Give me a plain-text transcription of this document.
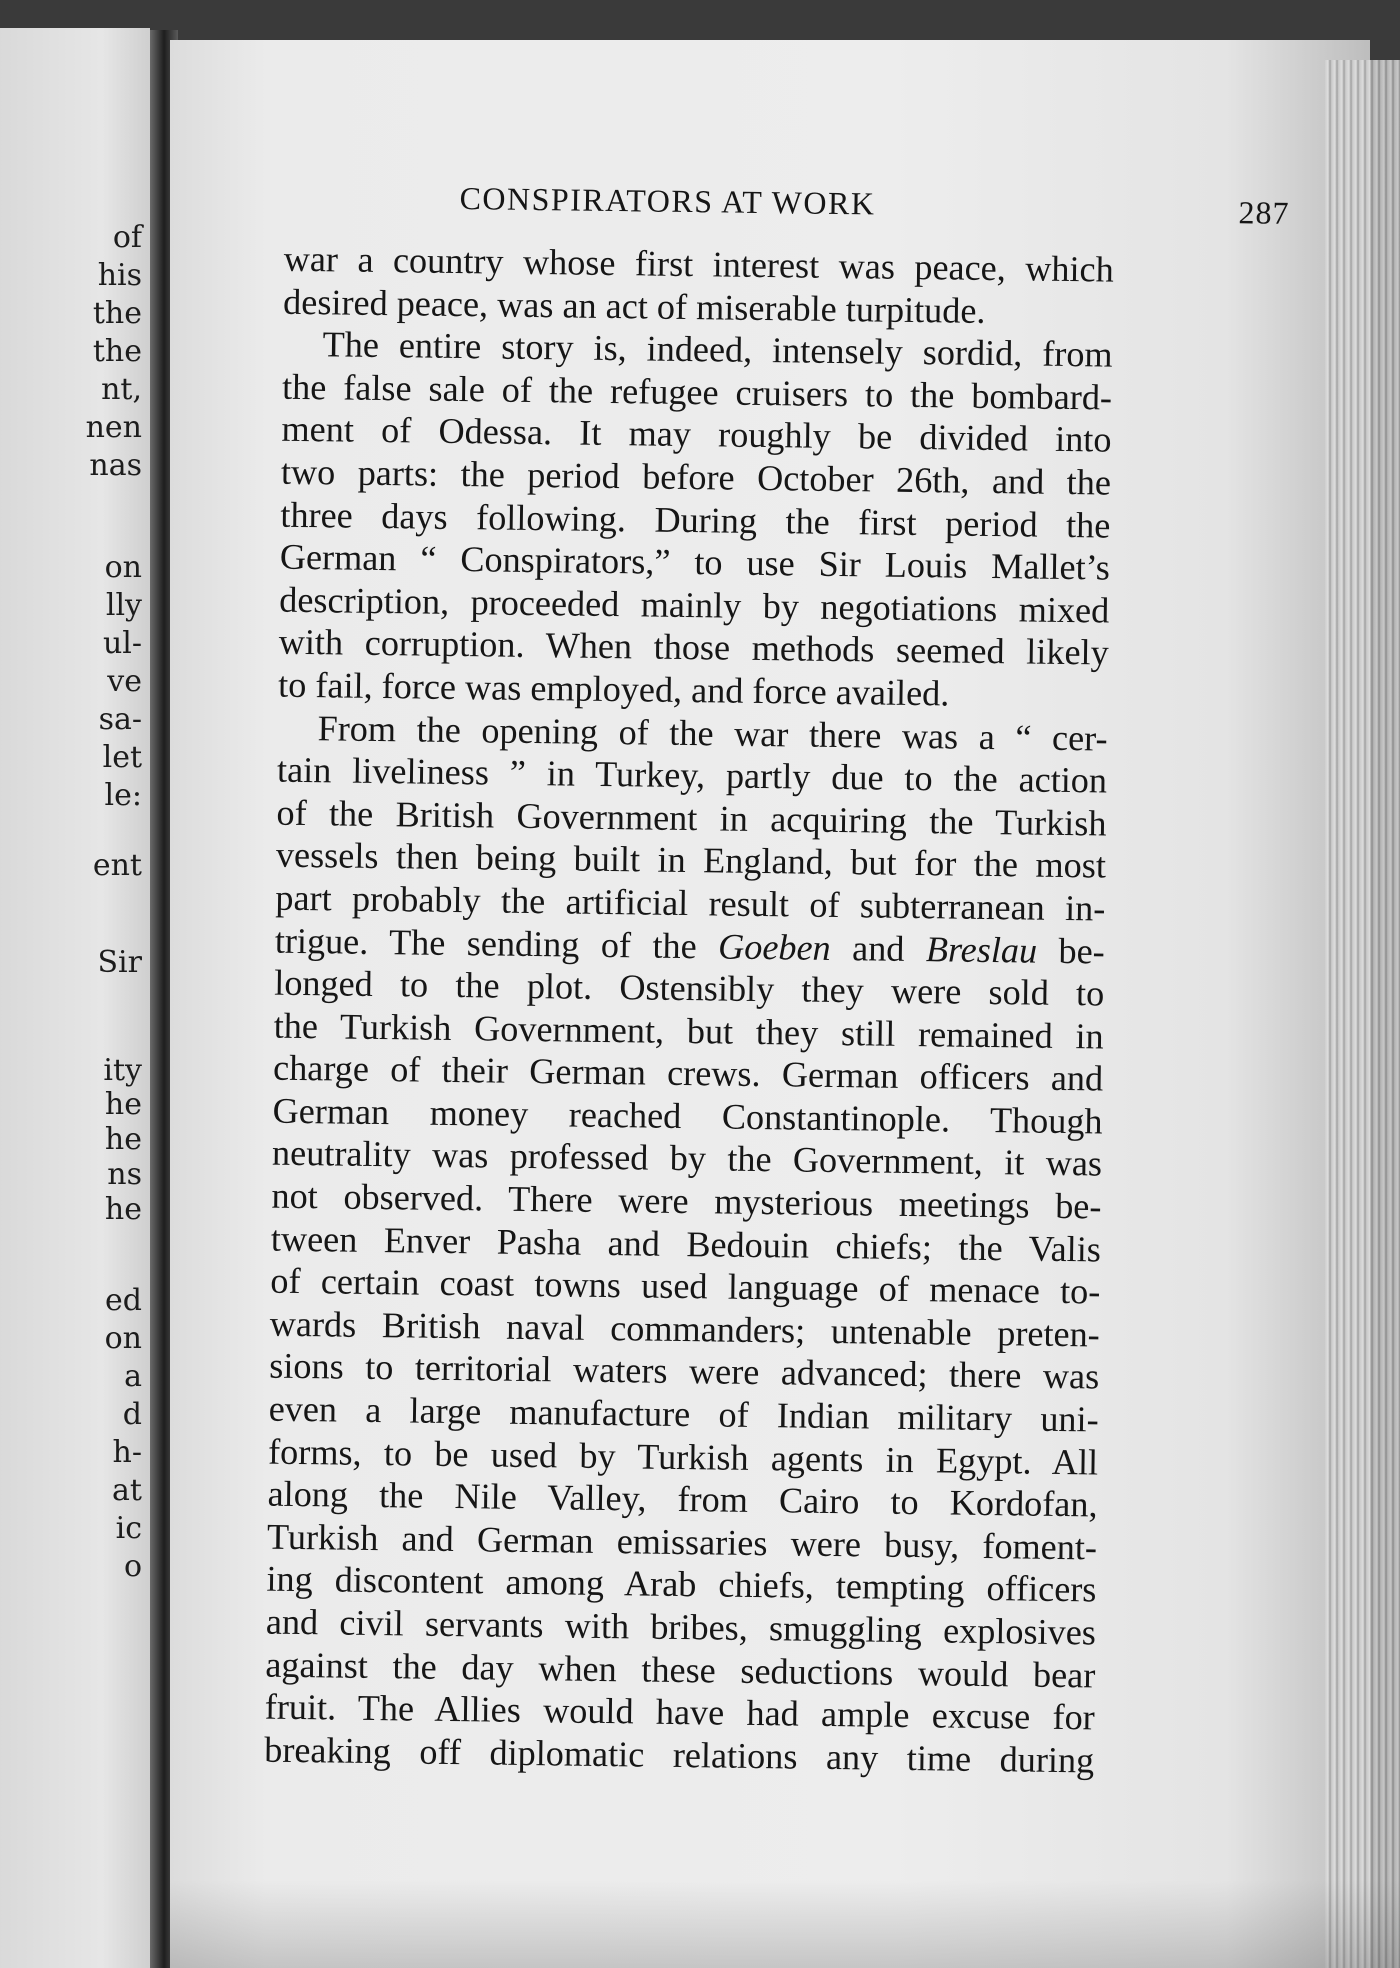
of
his
the
the
nt,
nen
nas
on
lly
ul-
ve
sa-
let
le:
ent
Sir
ity
he
he
ns
he
ed
on
a
d
h-
at
ic
o
CONSPIRATORS AT WORK	287
war a country whose first interest was peace, which
desired peace, was an act of miserable turpitude.
The entire story is, indeed, intensely sordid, from
the false sale of the refugee cruisers to the bombard-
ment of Odessa. It may roughly be divided into
two parts: the period before October 26th, and the
three days following. During the first period the
German “ Conspirators,” to use Sir Louis Mallet’s
description, proceeded mainly by negotiations mixed
with corruption. When those methods seemed likely
to fail, force was employed, and force availed.
From the opening of the war there was a “ cer-
tain liveliness ” in Turkey, partly due to the action
of the British Government in acquiring the Turkish
vessels then being built in England, but for the most
part probably the artificial result of subterranean in-
trigue. The sending of the Goeben and Breslau be-
longed to the plot. Ostensibly they were sold to
the Turkish Government, but they still remained in
charge of their German crews. German officers and
German money reached Constantinople. Though
neutrality was professed by the Government, it was
not observed. There were mysterious meetings be-
tween Enver Pasha and Bedouin chiefs; the Valis
of certain coast towns used language of menace to-
wards British naval commanders; untenable preten-
sions to territorial waters were advanced; there was
even a large manufacture of Indian military uni-
forms, to be used by Turkish agents in Egypt. All
along the Nile Valley, from Cairo to Kordofan,
Turkish and German emissaries were busy, foment-
ing discontent among Arab chiefs, tempting officers
and civil servants with bribes, smuggling explosives
against the day when these seductions would bear
fruit. The Allies would have had ample excuse for
breaking off diplomatic relations any time during
